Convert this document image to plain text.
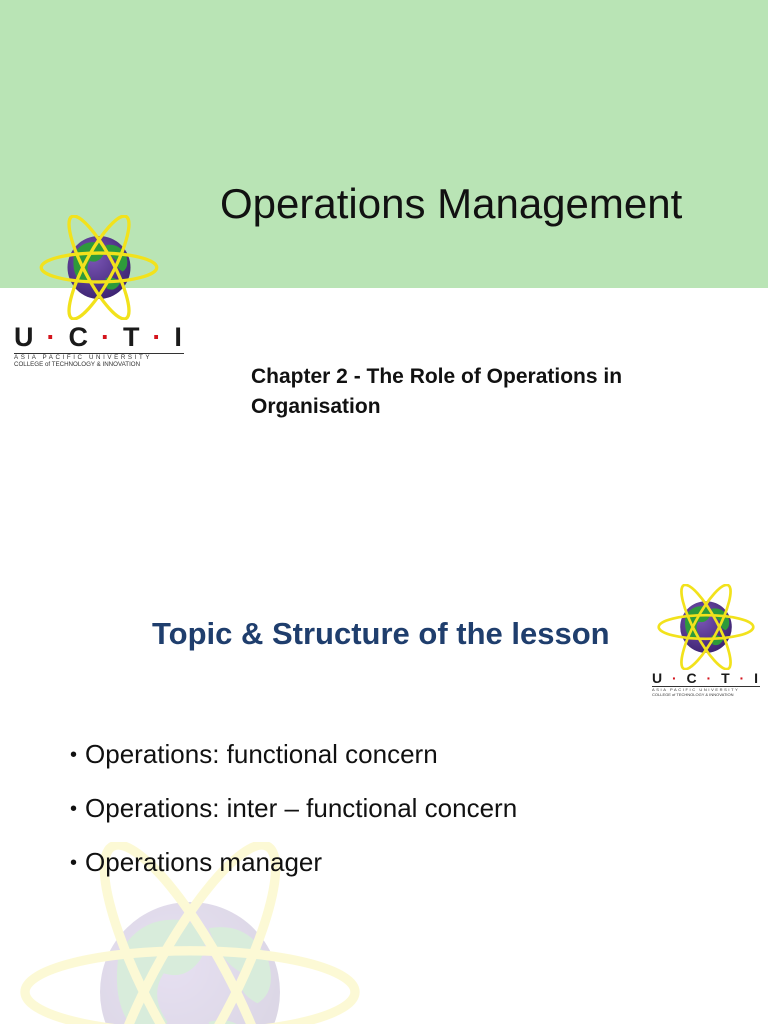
Operations Management
U · C · T · I
ASIA PACIFIC UNIVERSITY
COLLEGE of TECHNOLOGY & INNOVATION

Chapter 2 - The Role of Operations in Organisation

Topic & Structure of the lesson
U · C · T · I
ASIA PACIFIC UNIVERSITY
COLLEGE of TECHNOLOGY & INNOVATION
• Operations: functional concern
• Operations: inter – functional concern
• Operations manager
